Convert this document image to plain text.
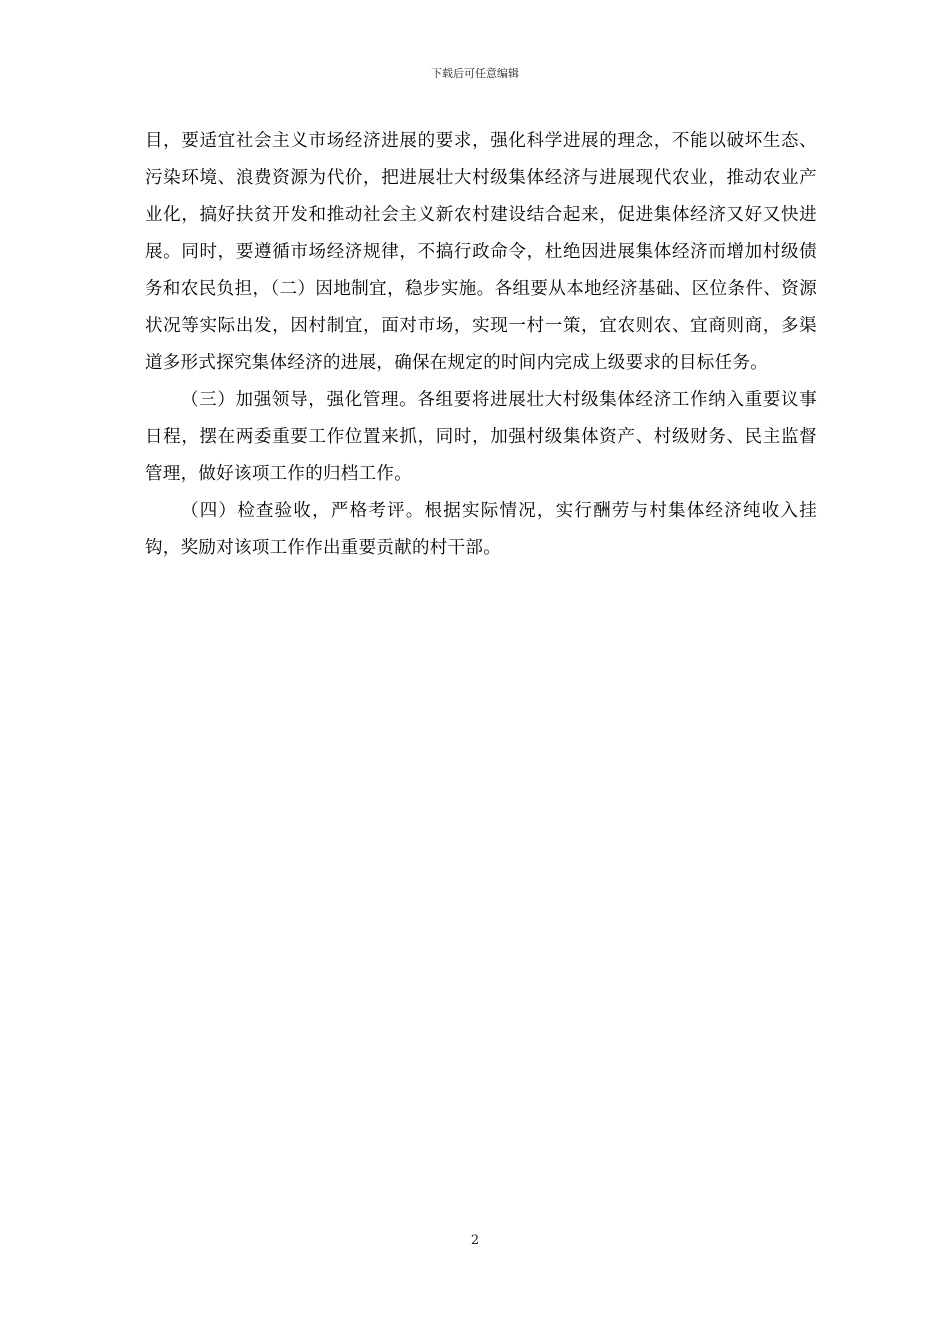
下载后可任意编辑

目，要适宜社会主义市场经济进展的要求，强化科学进展的理念，不能以破坏生态、污染环境、浪费资源为代价，把进展壮大村级集体经济与进展现代农业，推动农业产业化，搞好扶贫开发和推动社会主义新农村建设结合起来，促进集体经济又好又快进展。同时，要遵循市场经济规律，不搞行政命令，杜绝因进展集体经济而增加村级债务和农民负担，（二）因地制宜，稳步实施。各组要从本地经济基础、区位条件、资源状况等实际出发，因村制宜，面对市场，实现一村一策，宜农则农、宜商则商，多渠道多形式探究集体经济的进展，确保在规定的时间内完成上级要求的目标任务。

（三）加强领导，强化管理。各组要将进展壮大村级集体经济工作纳入重要议事日程，摆在两委重要工作位置来抓，同时，加强村级集体资产、村级财务、民主监督管理，做好该项工作的归档工作。

（四）检查验收，严格考评。根据实际情况，实行酬劳与村集体经济纯收入挂钩，奖励对该项工作作出重要贡献的村干部。

2
